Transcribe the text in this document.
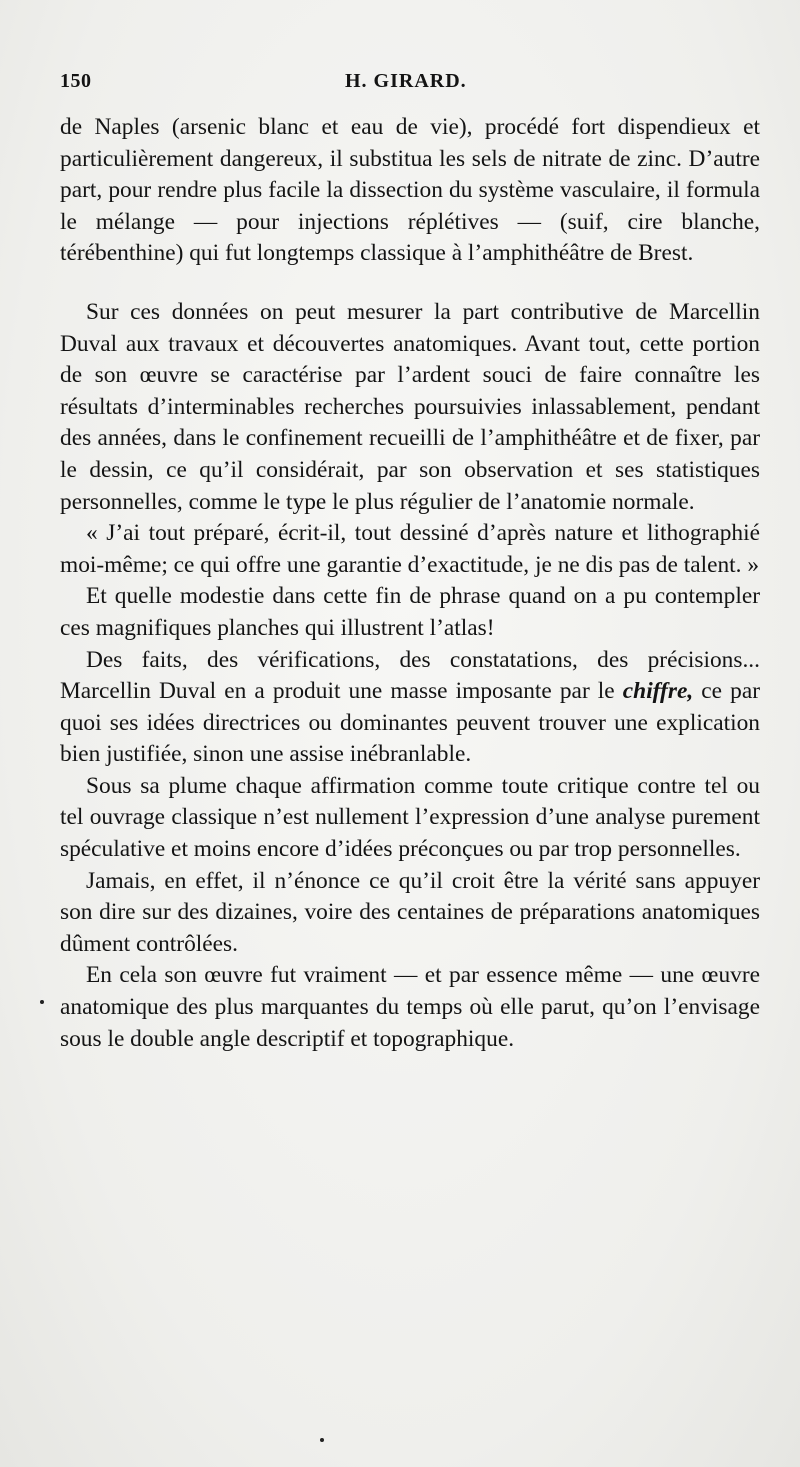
150	H. GIRARD.

de Naples (arsenic blanc et eau de vie), procédé fort dispendieux et particulièrement dangereux, il substitua les sels de nitrate de zinc. D’autre part, pour rendre plus facile la dissection du système vasculaire, il formula le mélange — pour injections réplétives — (suif, cire blanche, térébenthine) qui fut longtemps classique à l’amphithéâtre de Brest.

Sur ces données on peut mesurer la part contributive de Marcellin Duval aux travaux et découvertes anatomiques. Avant tout, cette portion de son œuvre se caractérise par l’ardent souci de faire connaître les résultats d’interminables recherches poursuivies inlassablement, pendant des années, dans le confinement recueilli de l’amphithéâtre et de fixer, par le dessin, ce qu’il considérait, par son observation et ses statistiques personnelles, comme le type le plus régulier de l’anatomie normale.

« J’ai tout préparé, écrit-il, tout dessiné d’après nature et lithographié moi-même; ce qui offre une garantie d’exactitude, je ne dis pas de talent. »

Et quelle modestie dans cette fin de phrase quand on a pu contempler ces magnifiques planches qui illustrent l’atlas!

Des faits, des vérifications, des constatations, des précisions... Marcellin Duval en a produit une masse imposante par le chiffre, ce par quoi ses idées directrices ou dominantes peuvent trouver une explication bien justifiée, sinon une assise inébranlable.

Sous sa plume chaque affirmation comme toute critique contre tel ou tel ouvrage classique n’est nullement l’expression d’une analyse purement spéculative et moins encore d’idées préconçues ou par trop personnelles.

Jamais, en effet, il n’énonce ce qu’il croit être la vérité sans appuyer son dire sur des dizaines, voire des centaines de préparations anatomiques dûment contrôlées.

En cela son œuvre fut vraiment — et par essence même — une œuvre anatomique des plus marquantes du temps où elle parut, qu’on l’envisage sous le double angle descriptif et topographique.
